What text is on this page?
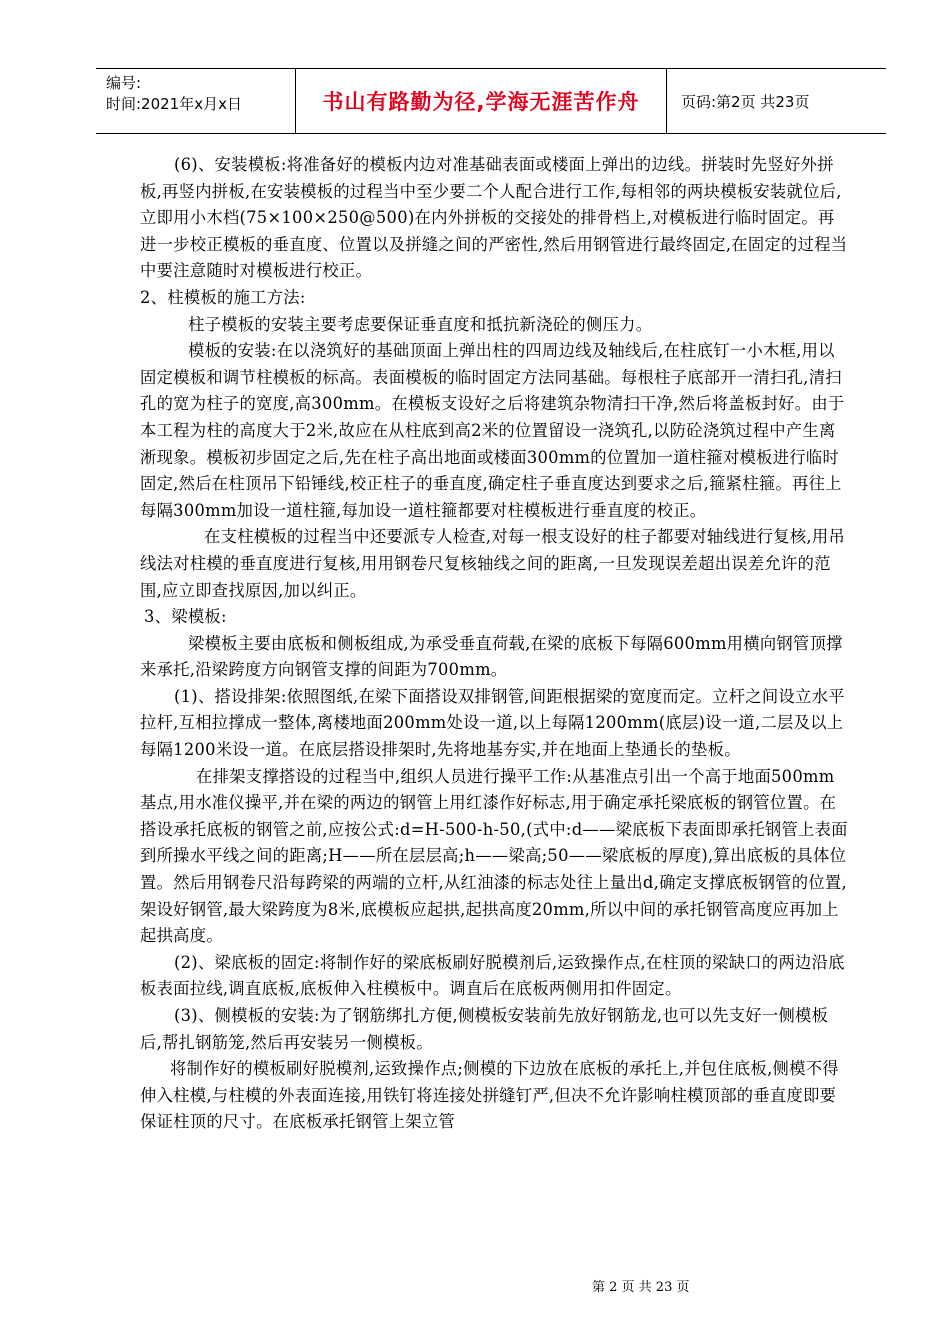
编号:
时间:2021年x月x日	书山有路勤为径,学海无涯苦作舟	页码:第2页 共23页

(6)、安装模板:将准备好的模板内边对准基础表面或楼面上弹出的边线。拼装时先竖好外拼板,再竖内拼板,在安装模板的过程当中至少要二个人配合进行工作,每相邻的两块模板安装就位后,立即用小木档(75×100×250@500)在内外拼板的交接处的排骨档上,对模板进行临时固定。再进一步校正模板的垂直度、位置以及拼缝之间的严密性,然后用钢管进行最终固定,在固定的过程当中要注意随时对模板进行校正。

2、柱模板的施工方法:

柱子模板的安装主要考虑要保证垂直度和抵抗新浇砼的侧压力。

模板的安装:在以浇筑好的基础顶面上弹出柱的四周边线及轴线后,在柱底钉一小木框,用以固定模板和调节柱模板的标高。表面模板的临时固定方法同基础。每根柱子底部开一清扫孔,清扫孔的宽为柱子的宽度,高300mm。在模板支设好之后将建筑杂物清扫干净,然后将盖板封好。由于本工程为柱的高度大于2米,故应在从柱底到高2米的位置留设一浇筑孔,以防砼浇筑过程中产生离淅现象。模板初步固定之后,先在柱子高出地面或楼面300mm的位置加一道柱箍对模板进行临时固定,然后在柱顶吊下铅锤线,校正柱子的垂直度,确定柱子垂直度达到要求之后,箍紧柱箍。再往上每隔300mm加设一道柱箍,每加设一道柱箍都要对柱模板进行垂直度的校正。

在支柱模板的过程当中还要派专人检查,对每一根支设好的柱子都要对轴线进行复核,用吊线法对柱模的垂直度进行复核,用用钢卷尺复核轴线之间的距离,一旦发现误差超出误差允许的范围,应立即查找原因,加以纠正。

3、梁模板:

梁模板主要由底板和侧板组成,为承受垂直荷载,在梁的底板下每隔600mm用横向钢管顶撑来承托,沿梁跨度方向钢管支撑的间距为700mm。

(1)、搭设排架:依照图纸,在梁下面搭设双排钢管,间距根据梁的宽度而定。立杆之间设立水平拉杆,互相拉撑成一整体,离楼地面200mm处设一道,以上每隔1200mm(底层)设一道,二层及以上每隔1200米设一道。在底层搭设排架时,先将地基夯实,并在地面上垫通长的垫板。

在排架支撑搭设的过程当中,组织人员进行操平工作:从基准点引出一个高于地面500mm基点,用水准仪操平,并在梁的两边的钢管上用红漆作好标志,用于确定承托梁底板的钢管位置。在搭设承托底板的钢管之前,应按公式:d=H-500-h-50,(式中:d——梁底板下表面即承托钢管上表面到所操水平线之间的距离;H——所在层层高;h——梁高;50——梁底板的厚度),算出底板的具体位置。然后用钢卷尺沿每跨梁的两端的立杆,从红油漆的标志处往上量出d,确定支撑底板钢管的位置,架设好钢管,最大梁跨度为8米,底模板应起拱,起拱高度20mm,所以中间的承托钢管高度应再加上起拱高度。

(2)、梁底板的固定:将制作好的梁底板刷好脱模剂后,运致操作点,在柱顶的梁缺口的两边沿底板表面拉线,调直底板,底板伸入柱模板中。调直后在底板两侧用扣件固定。

(3)、侧模板的安装:为了钢筋绑扎方便,侧模板安装前先放好钢筋龙,也可以先支好一侧模板后,帮扎钢筋笼,然后再安装另一侧模板。

将制作好的模板刷好脱模剂,运致操作点;侧模的下边放在底板的承托上,并包住底板,侧模不得伸入柱模,与柱模的外表面连接,用铁钉将连接处拼缝钉严,但决不允许影响柱模顶部的垂直度即要保证柱顶的尺寸。在底板承托钢管上架立管

第 2 页 共 23 页
